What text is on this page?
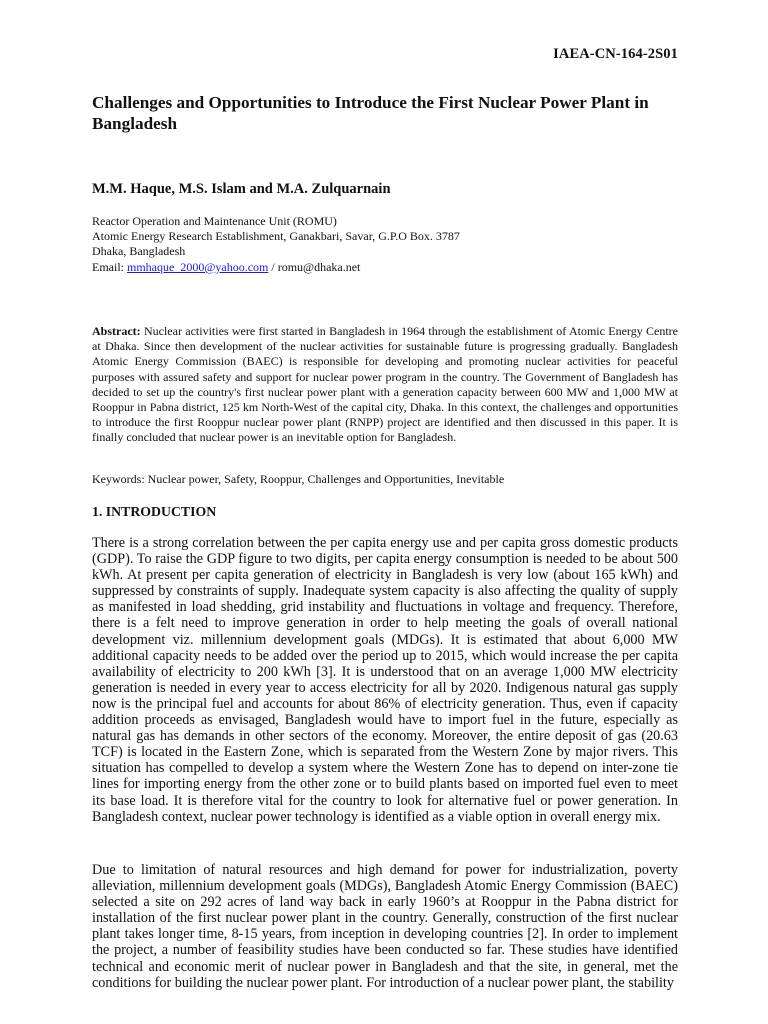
IAEA-CN-164-2S01
Challenges and Opportunities to Introduce the First Nuclear Power Plant in Bangladesh
M.M. Haque, M.S. Islam and M.A. Zulquarnain
Reactor Operation and Maintenance Unit (ROMU)
Atomic Energy Research Establishment, Ganakbari, Savar, G.P.O Box. 3787
Dhaka, Bangladesh
Email: mmhaque_2000@yahoo.com / romu@dhaka.net

Abstract: Nuclear activities were first started in Bangladesh in 1964 through the establishment of Atomic Energy Centre at Dhaka. Since then development of the nuclear activities for sustainable future is progressing gradually. Bangladesh Atomic Energy Commission (BAEC) is responsible for developing and promoting nuclear activities for peaceful purposes with assured safety and support for nuclear power program in the country. The Government of Bangladesh has decided to set up the country's first nuclear power plant with a generation capacity between 600 MW and 1,000 MW at Rooppur in Pabna district, 125 km North-West of the capital city, Dhaka. In this context, the challenges and opportunities to introduce the first Rooppur nuclear power plant (RNPP) project are identified and then discussed in this paper. It is finally concluded that nuclear power is an inevitable option for Bangladesh.

Keywords: Nuclear power, Safety, Rooppur, Challenges and Opportunities, Inevitable
1. INTRODUCTION

There is a strong correlation between the per capita energy use and per capita gross domestic products (GDP). To raise the GDP figure to two digits, per capita energy consumption is needed to be about 500 kWh. At present per capita generation of electricity in Bangladesh is very low (about 165 kWh) and suppressed by constraints of supply. Inadequate system capacity is also affecting the quality of supply as manifested in load shedding, grid instability and fluctuations in voltage and frequency. Therefore, there is a felt need to improve generation in order to help meeting the goals of overall national development viz. millennium development goals (MDGs). It is estimated that about 6,000 MW additional capacity needs to be added over the period up to 2015, which would increase the per capita availability of electricity to 200 kWh [3]. It is understood that on an average 1,000 MW electricity generation is needed in every year to access electricity for all by 2020. Indigenous natural gas supply now is the principal fuel and accounts for about 86% of electricity generation. Thus, even if capacity addition proceeds as envisaged, Bangladesh would have to import fuel in the future, especially as natural gas has demands in other sectors of the economy. Moreover, the entire deposit of gas (20.63 TCF) is located in the Eastern Zone, which is separated from the Western Zone by major rivers. This situation has compelled to develop a system where the Western Zone has to depend on inter-zone tie lines for importing energy from the other zone or to build plants based on imported fuel even to meet its base load. It is therefore vital for the country to look for alternative fuel or power generation. In Bangladesh context, nuclear power technology is identified as a viable option in overall energy mix.

Due to limitation of natural resources and high demand for power for industrialization, poverty alleviation, millennium development goals (MDGs), Bangladesh Atomic Energy Commission (BAEC) selected a site on 292 acres of land way back in early 1960’s at Rooppur in the Pabna district for installation of the first nuclear power plant in the country. Generally, construction of the first nuclear plant takes longer time, 8-15 years, from inception in developing countries [2]. In order to implement the project, a number of feasibility studies have been conducted so far. These studies have identified technical and economic merit of nuclear power in Bangladesh and that the site, in general, met the conditions for building the nuclear power plant. For introduction of a nuclear power plant, the stability
